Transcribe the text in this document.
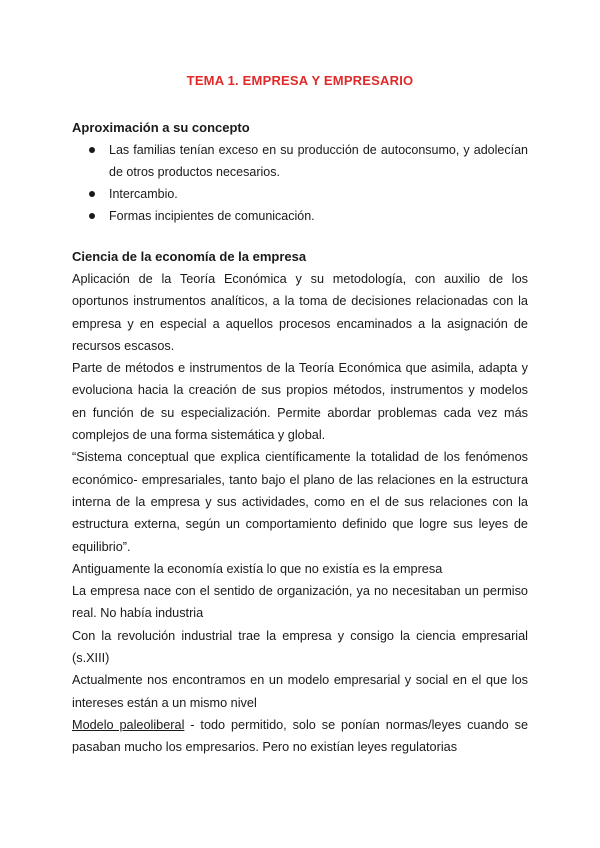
TEMA 1. EMPRESA Y EMPRESARIO
Aproximación a su concepto
Las familias tenían exceso en su producción de autoconsumo, y adolecían de otros productos necesarios.
Intercambio.
Formas incipientes de comunicación.
Ciencia de la economía de la empresa

Aplicación de la Teoría Económica y su metodología, con auxilio de los oportunos instrumentos analíticos, a la toma de decisiones relacionadas con la empresa y en especial a aquellos procesos encaminados a la asignación de recursos escasos.

Parte de métodos e instrumentos de la Teoría Económica que asimila, adapta y evoluciona hacia la creación de sus propios métodos, instrumentos y modelos en función de su especialización. Permite abordar problemas cada vez más complejos de una forma sistemática y global.

“Sistema conceptual que explica científicamente la totalidad de los fenómenos económico- empresariales, tanto bajo el plano de las relaciones en la estructura interna de la empresa y sus actividades, como en el de sus relaciones con la estructura externa, según un comportamiento definido que logre sus leyes de equilibrio”.

Antiguamente la economía existía lo que no existía es la empresa

La empresa nace con el sentido de organización, ya no necesitaban un permiso real. No había industria

Con la revolución industrial trae la empresa y consigo la ciencia empresarial (s.XIII)

Actualmente nos encontramos en un modelo empresarial y social en el que los intereses están a un mismo nivel

Modelo paleoliberal - todo permitido, solo se ponían normas/leyes cuando se pasaban mucho los empresarios. Pero no existían leyes regulatorias
